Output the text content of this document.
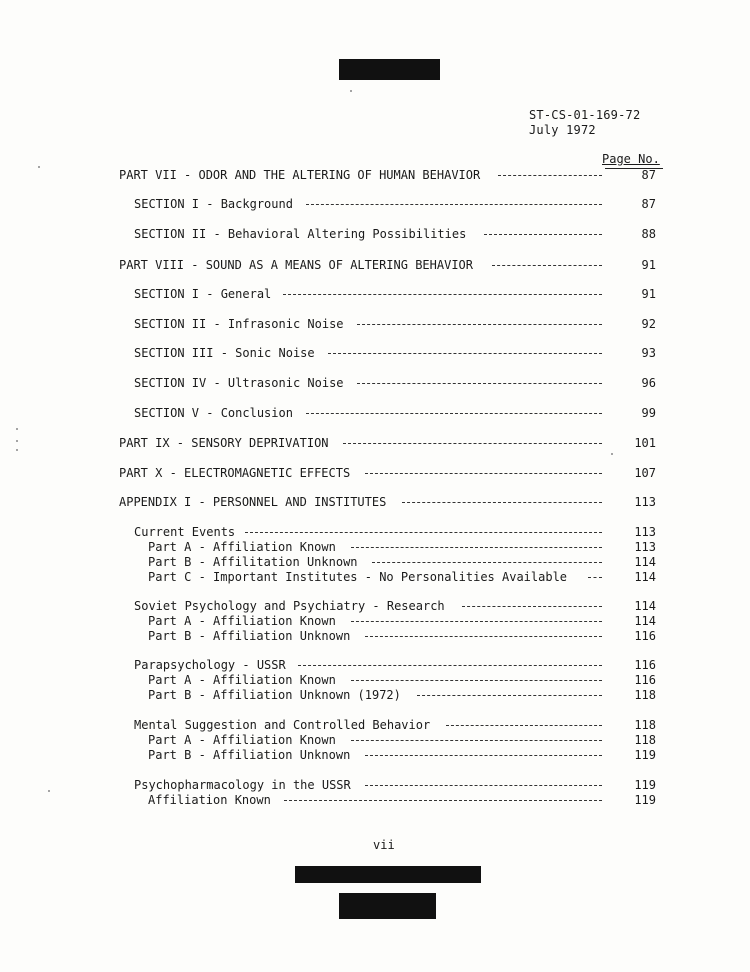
ST-CS-01-169-72
July 1972
Page No.
PART VII - ODOR AND THE ALTERING OF HUMAN BEHAVIOR	87
SECTION I - Background	87
SECTION II - Behavioral Altering Possibilities	88
PART VIII - SOUND AS A MEANS OF ALTERING BEHAVIOR	91
SECTION I - General	91
SECTION II - Infrasonic Noise	92
SECTION III - Sonic Noise	93
SECTION IV - Ultrasonic Noise	96
SECTION V - Conclusion	99
PART IX - SENSORY DEPRIVATION	101
PART X - ELECTROMAGNETIC EFFECTS	107
APPENDIX I - PERSONNEL AND INSTITUTES	113
Current Events	113
Part A - Affiliation Known	113
Part B - Affilitation Unknown	114
Part C - Important Institutes - No Personalities Available	114
Soviet Psychology and Psychiatry - Research	114
Part A - Affiliation Known	114
Part B - Affiliation Unknown	116
Parapsychology - USSR	116
Part A - Affiliation Known	116
Part B - Affiliation Unknown (1972)	118
Mental Suggestion and Controlled Behavior	118
Part A - Affiliation Known	118
Part B - Affiliation Unknown	119
Psychopharmacology in the USSR	119
Affiliation Known	119
vii
